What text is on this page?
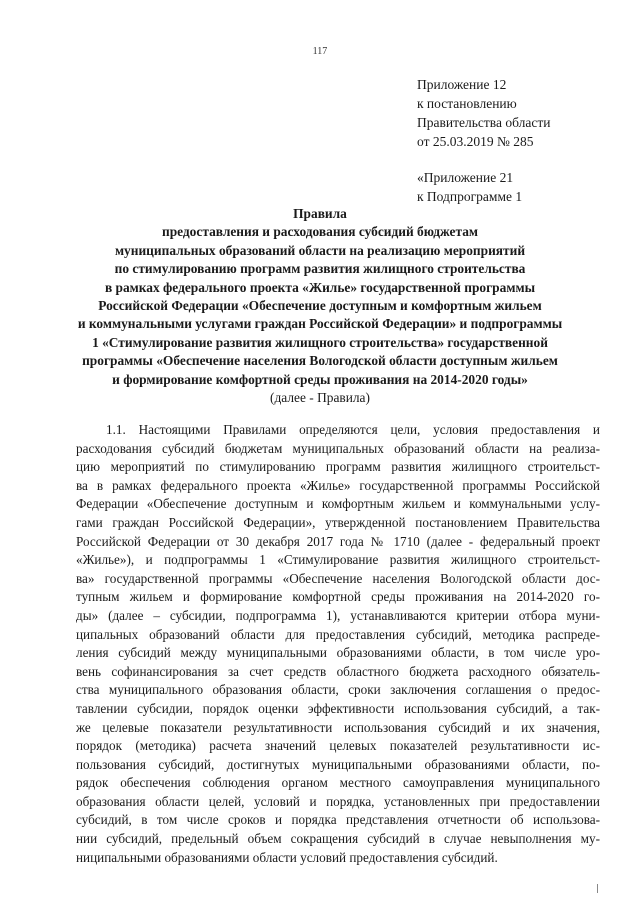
117
Приложение 12
к постановлению
Правительства области
от 25.03.2019 № 285
«Приложение 21
к Подпрограмме 1
Правила
предоставления и расходования субсидий бюджетам
муниципальных образований области на реализацию мероприятий
по стимулированию программ развития жилищного строительства
в рамках федерального проекта «Жилье» государственной программы
Российской Федерации «Обеспечение доступным и комфортным жильем
и коммунальными услугами граждан Российской Федерации» и подпрограммы
1 «Стимулирование развития жилищного строительства» государственной
программы «Обеспечение населения Вологодской области доступным жильем
и формирование комфортной среды проживания на 2014-2020 годы»
(далее - Правила)
1.1. Настоящими Правилами определяются цели, условия предоставления и
расходования субсидий бюджетам муниципальных образований области на реализа-
цию мероприятий по стимулированию программ развития жилищного строительст-
ва в рамках федерального проекта «Жилье» государственной программы Российской
Федерации «Обеспечение доступным и комфортным жильем и коммунальными услу-
гами граждан Российской Федерации», утвержденной постановлением Правительства
Российской Федерации от 30 декабря 2017 года № 1710 (далее - федеральный проект
«Жилье»), и подпрограммы 1 «Стимулирование развития жилищного строительст-
ва» государственной программы «Обеспечение населения Вологодской области дос-
тупным жильем и формирование комфортной среды проживания на 2014-2020 го-
ды» (далее – субсидии, подпрограмма 1), устанавливаются критерии отбора муни-
ципальных образований области для предоставления субсидий, методика распреде-
ления субсидий между муниципальными образованиями области, в том числе уро-
вень софинансирования за счет средств областного бюджета расходного обязатель-
ства муниципального образования области, сроки заключения соглашения о предос-
тавлении субсидии, порядок оценки эффективности использования субсидий, а так-
же целевые показатели результативности использования субсидий и их значения,
порядок (методика) расчета значений целевых показателей результативности ис-
пользования субсидий, достигнутых муниципальными образованиями области, по-
рядок обеспечения соблюдения органом местного самоуправления муниципального
образования области целей, условий и порядка, установленных при предоставлении
субсидий, в том числе сроков и порядка представления отчетности об использова-
нии субсидий, предельный объем сокращения субсидий в случае невыполнения му-
ниципальными образованиями области условий предоставления субсидий.
